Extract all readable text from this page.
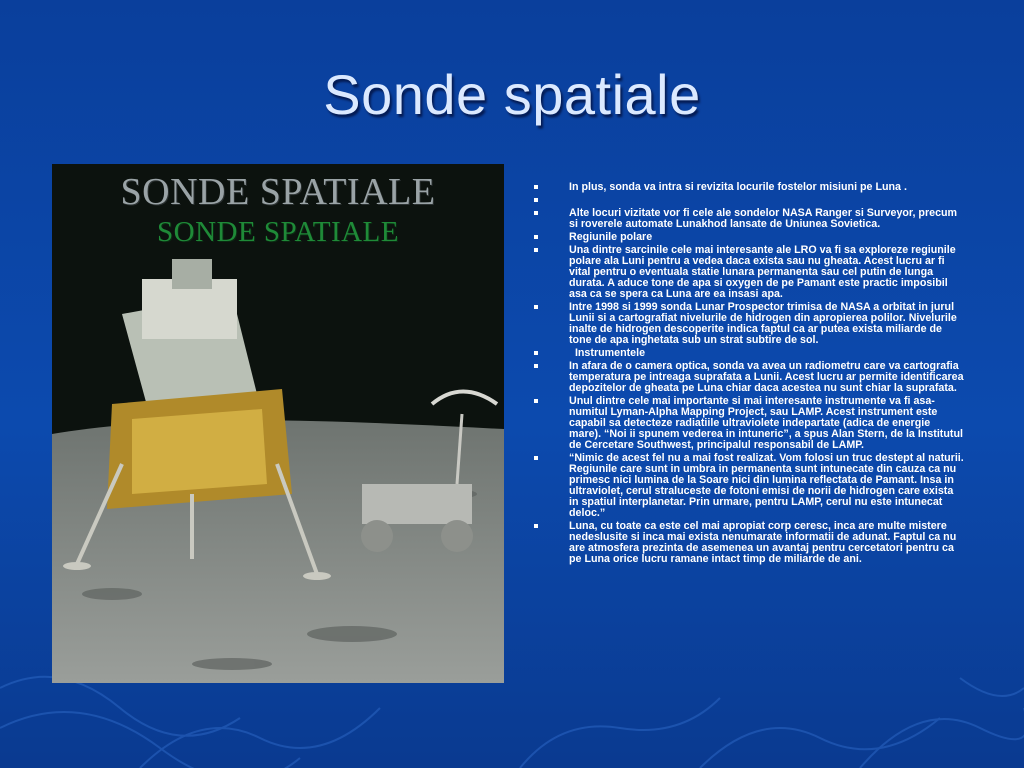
Sonde spatiale
SONDE SPATIALE
SONDE SPATIALE
In plus, sonda va intra si revizita locurile fostelor misiuni pe Luna .
Alte locuri vizitate vor fi cele ale sondelor NASA Ranger si Surveyor, precum si roverele automate Lunakhod lansate de Uniunea Sovietica.
Regiunile polare
Una dintre sarcinile cele mai interesante ale LRO va fi sa exploreze regiunile polare ala Luni pentru a vedea daca exista sau nu gheata. Acest lucru ar fi vital pentru o eventuala statie lunara permanenta sau cel putin de lunga durata. A aduce tone de apa si oxygen de pe Pamant este practic imposibil asa ca se spera ca Luna are ea insasi apa.
Intre 1998 si 1999 sonda Lunar Prospector trimisa de NASA a orbitat in jurul Lunii si a cartografiat nivelurile de hidrogen din apropierea polilor. Nivelurile inalte de hidrogen descoperite indica faptul ca ar putea exista miliarde de tone de apa inghetata sub un strat subtire de sol.
Instrumentele
In afara de o camera optica, sonda va avea un radiometru care va cartografia temperatura pe intreaga suprafata a Lunii. Acest lucru ar permite identificarea depozitelor de gheata pe Luna chiar daca acestea nu sunt chiar la suprafata.
Unul dintre cele mai importante si mai interesante instrumente va fi asa-numitul Lyman-Alpha Mapping Project, sau LAMP. Acest instrument este capabil sa detecteze radiatiile ultraviolete indepartate (adica de energie mare). “Noi ii spunem vederea in intuneric”, a spus Alan Stern, de la Institutul de Cercetare Southwest, principalul responsabil de LAMP.
“Nimic de acest fel nu a mai fost realizat. Vom folosi un truc destept al naturii. Regiunile care sunt in umbra in permanenta sunt intunecate din cauza ca nu primesc nici lumina de la Soare nici din lumina reflectata de Pamant. Insa in ultraviolet, cerul straluceste de fotoni emisi de norii de hidrogen care exista in spatiul interplanetar. Prin urmare, pentru LAMP, cerul nu este intunecat deloc.”
Luna, cu toate ca este cel mai apropiat corp ceresc, inca are multe mistere nedeslusite si inca mai exista nenumarate informatii de adunat. Faptul ca nu are atmosfera prezinta de asemenea un avantaj pentru cercetatori pentru ca pe Luna orice lucru ramane intact timp de miliarde de ani.
